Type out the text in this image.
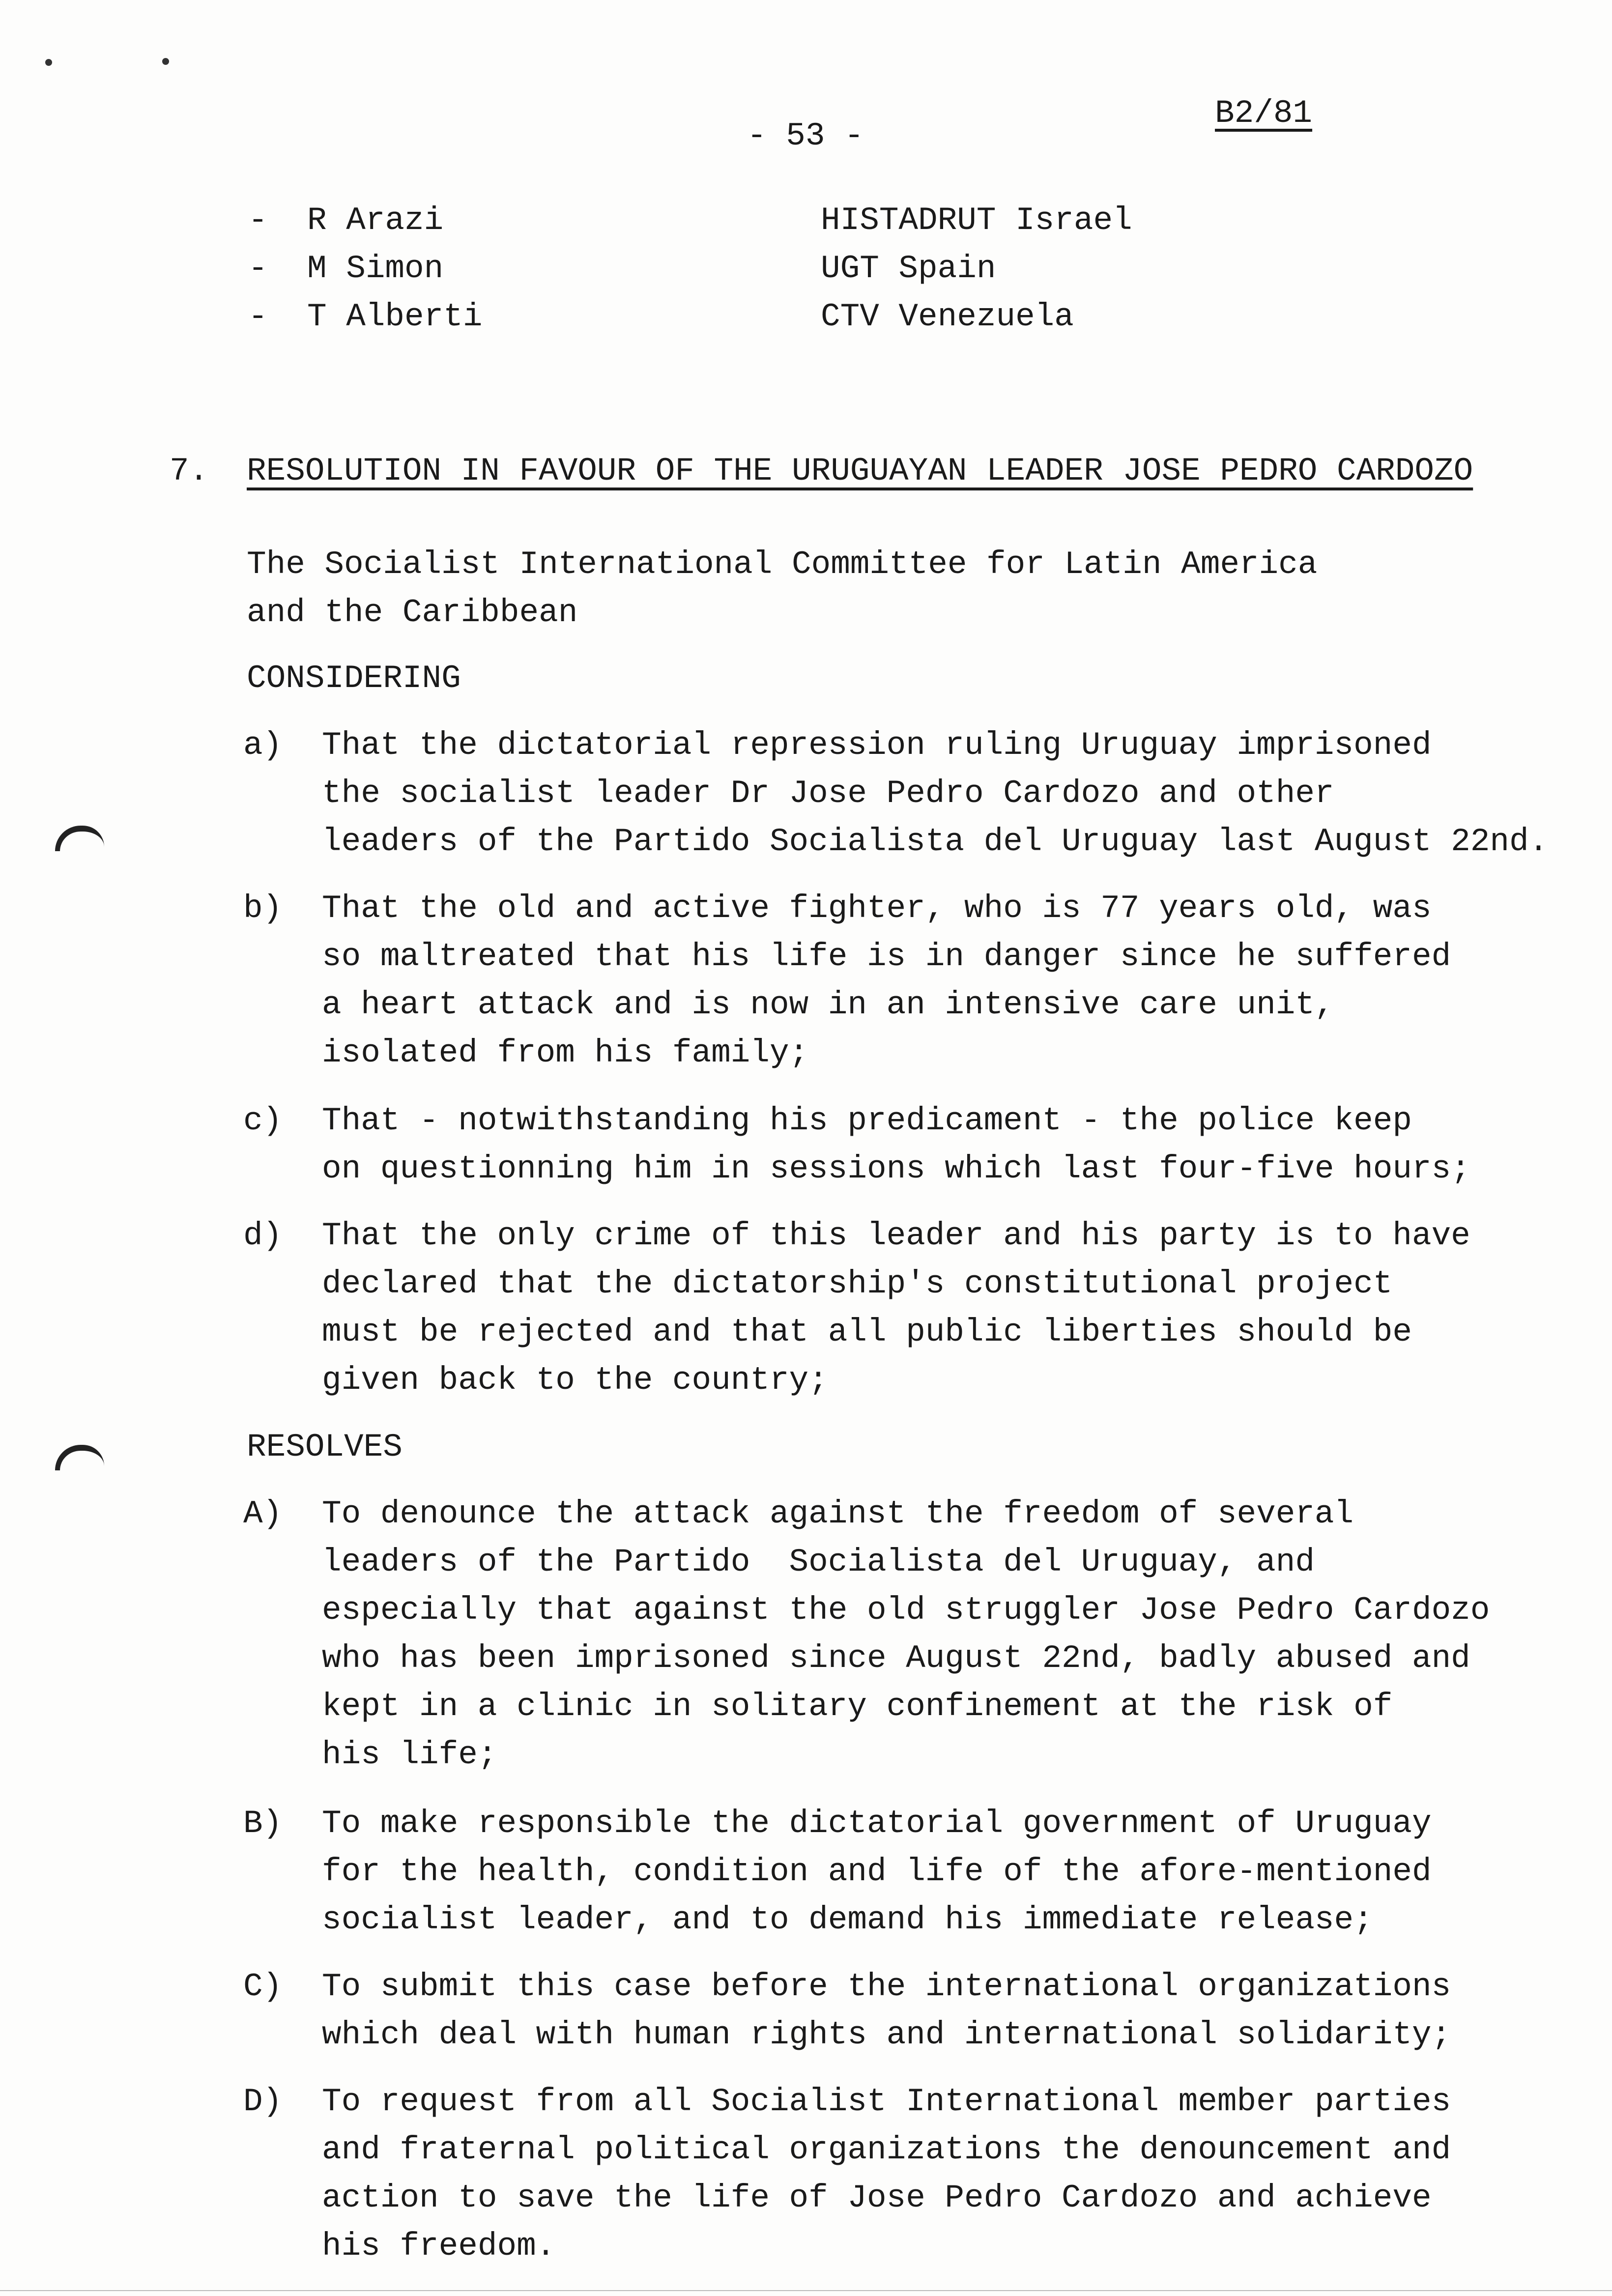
B2/81
- 53 -
- R Arazi	HISTADRUT Israel
- M Simon	UGT Spain
- T Alberti	CTV Venezuela
7. RESOLUTION IN FAVOUR OF THE URUGUAYAN LEADER JOSE PEDRO CARDOZO
The Socialist International Committee for Latin America
and the Caribbean
CONSIDERING
a) That the dictatorial repression ruling Uruguay imprisoned
the socialist leader Dr Jose Pedro Cardozo and other
leaders of the Partido Socialista del Uruguay last August 22nd.
b) That the old and active fighter, who is 77 years old, was
so maltreated that his life is in danger since he suffered
a heart attack and is now in an intensive care unit,
isolated from his family;
c) That - notwithstanding his predicament - the police keep
on questionning him in sessions which last four-five hours;
d) That the only crime of this leader and his party is to have
declared that the dictatorship's constitutional project
must be rejected and that all public liberties should be
given back to the country;
RESOLVES
A) To denounce the attack against the freedom of several
leaders of the Partido  Socialista del Uruguay, and
especially that against the old struggler Jose Pedro Cardozo
who has been imprisoned since August 22nd, badly abused and
kept in a clinic in solitary confinement at the risk of
his life;
B) To make responsible the dictatorial government of Uruguay
for the health, condition and life of the afore-mentioned
socialist leader, and to demand his immediate release;
C) To submit this case before the international organizations
which deal with human rights and international solidarity;
D) To request from all Socialist International member parties
and fraternal political organizations the denouncement and
action to save the life of Jose Pedro Cardozo and achieve
his freedom.
